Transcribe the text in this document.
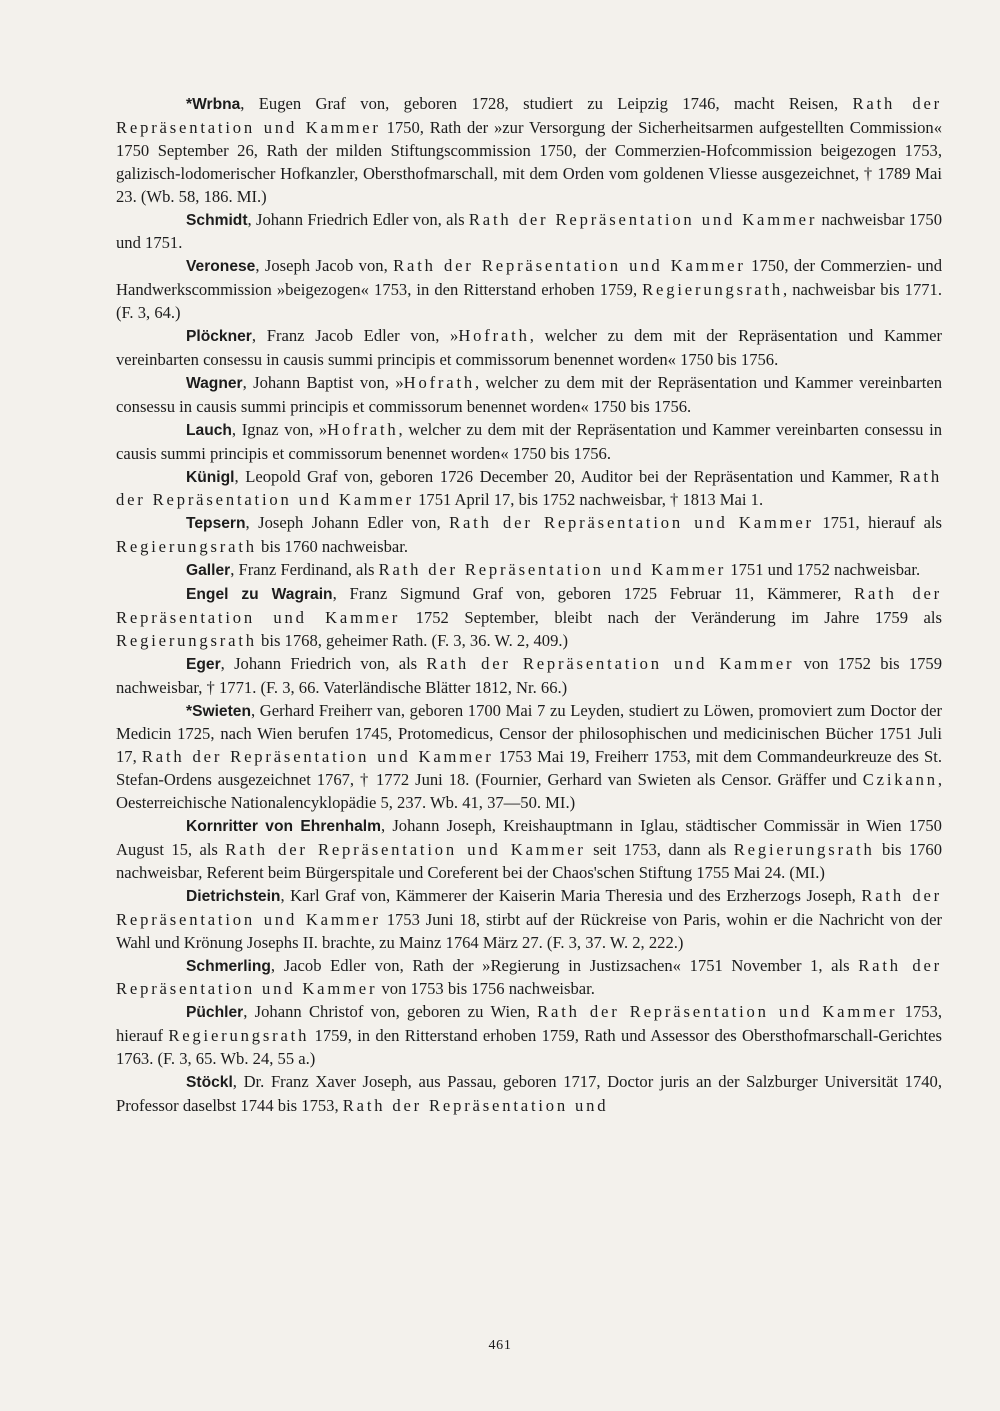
*Wrbna, Eugen Graf von, geboren 1728, studiert zu Leipzig 1746, macht Reisen, Rath der Repräsentation und Kammer 1750, Rath der »zur Versorgung der Sicherheitsarmen aufgestellten Commission« 1750 September 26, Rath der milden Stiftungscommission 1750, der Commerzien-Hofcommission beigezogen 1753, galizisch-lodomerischer Hofkanzler, Obersthofmarschall, mit dem Orden vom goldenen Vliesse ausgezeichnet, † 1789 Mai 23. (Wb. 58, 186. MI.)

Schmidt, Johann Friedrich Edler von, als Rath der Repräsentation und Kammer nachweisbar 1750 und 1751.

Veronese, Joseph Jacob von, Rath der Repräsentation und Kammer 1750, der Commerzien- und Handwerkscommission »beigezogen« 1753, in den Ritterstand erhoben 1759, Regierungsrath, nachweisbar bis 1771. (F. 3, 64.)

Plöckner, Franz Jacob Edler von, »Hofrath, welcher zu dem mit der Repräsentation und Kammer vereinbarten consessu in causis summi principis et commissorum benennet worden« 1750 bis 1756.

Wagner, Johann Baptist von, »Hofrath, welcher zu dem mit der Repräsentation und Kammer vereinbarten consessu in causis summi principis et commissorum benennet worden« 1750 bis 1756.

Lauch, Ignaz von, »Hofrath, welcher zu dem mit der Repräsentation und Kammer vereinbarten consessu in causis summi principis et commissorum benennet worden« 1750 bis 1756.

Künigl, Leopold Graf von, geboren 1726 December 20, Auditor bei der Repräsentation und Kammer, Rath der Repräsentation und Kammer 1751 April 17, bis 1752 nachweisbar, † 1813 Mai 1.

Tepsern, Joseph Johann Edler von, Rath der Repräsentation und Kammer 1751, hierauf als Regierungsrath bis 1760 nachweisbar.

Galler, Franz Ferdinand, als Rath der Repräsentation und Kammer 1751 und 1752 nachweisbar.

Engel zu Wagrain, Franz Sigmund Graf von, geboren 1725 Februar 11, Kämmerer, Rath der Repräsentation und Kammer 1752 September, bleibt nach der Veränderung im Jahre 1759 als Regierungsrath bis 1768, geheimer Rath. (F. 3, 36. W. 2, 409.)

Eger, Johann Friedrich von, als Rath der Repräsentation und Kammer von 1752 bis 1759 nachweisbar, † 1771. (F. 3, 66. Vaterländische Blätter 1812, Nr. 66.)

*Swieten, Gerhard Freiherr van, geboren 1700 Mai 7 zu Leyden, studiert zu Löwen, promoviert zum Doctor der Medicin 1725, nach Wien berufen 1745, Protomedicus, Censor der philosophischen und medicinischen Bücher 1751 Juli 17, Rath der Repräsentation und Kammer 1753 Mai 19, Freiherr 1753, mit dem Commandeurkreuze des St. Stefan-Ordens ausgezeichnet 1767, † 1772 Juni 18. (Fournier, Gerhard van Swieten als Censor. Gräffer und Czikann, Oesterreichische Nationalencyklopädie 5, 237. Wb. 41, 37—50. MI.)

Kornritter von Ehrenhalm, Johann Joseph, Kreishauptmann in Iglau, städtischer Commissär in Wien 1750 August 15, als Rath der Repräsentation und Kammer seit 1753, dann als Regierungsrath bis 1760 nachweisbar, Referent beim Bürgerspitale und Coreferent bei der Chaos'schen Stiftung 1755 Mai 24. (MI.)

Dietrichstein, Karl Graf von, Kämmerer der Kaiserin Maria Theresia und des Erzherzogs Joseph, Rath der Repräsentation und Kammer 1753 Juni 18, stirbt auf der Rückreise von Paris, wohin er die Nachricht von der Wahl und Krönung Josephs II. brachte, zu Mainz 1764 März 27. (F. 3, 37. W. 2, 222.)

Schmerling, Jacob Edler von, Rath der »Regierung in Justizsachen« 1751 November 1, als Rath der Repräsentation und Kammer von 1753 bis 1756 nachweisbar.

Püchler, Johann Christof von, geboren zu Wien, Rath der Repräsentation und Kammer 1753, hierauf Regierungsrath 1759, in den Ritterstand erhoben 1759, Rath und Assessor des Obersthofmarschall-Gerichtes 1763. (F. 3, 65. Wb. 24, 55 a.)

Stöckl, Dr. Franz Xaver Joseph, aus Passau, geboren 1717, Doctor juris an der Salzburger Universität 1740, Professor daselbst 1744 bis 1753, Rath der Repräsentation und

461
